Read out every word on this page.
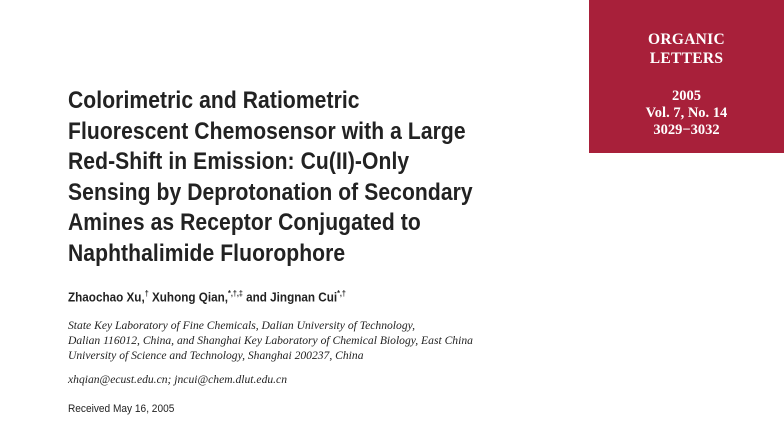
ORGANIC
LETTERS
2005
Vol. 7, No. 14
3029−3032
Colorimetric and Ratiometric
Fluorescent Chemosensor with a Large
Red-Shift in Emission: Cu(II)-Only
Sensing by Deprotonation of Secondary
Amines as Receptor Conjugated to
Naphthalimide Fluorophore
Zhaochao Xu,† Xuhong Qian,*,†,‡ and Jingnan Cui*,†
State Key Laboratory of Fine Chemicals, Dalian University of Technology,
Dalian 116012, China, and Shanghai Key Laboratory of Chemical Biology, East China
University of Science and Technology, Shanghai 200237, China
xhqian@ecust.edu.cn; jncui@chem.dlut.edu.cn
Received May 16, 2005
